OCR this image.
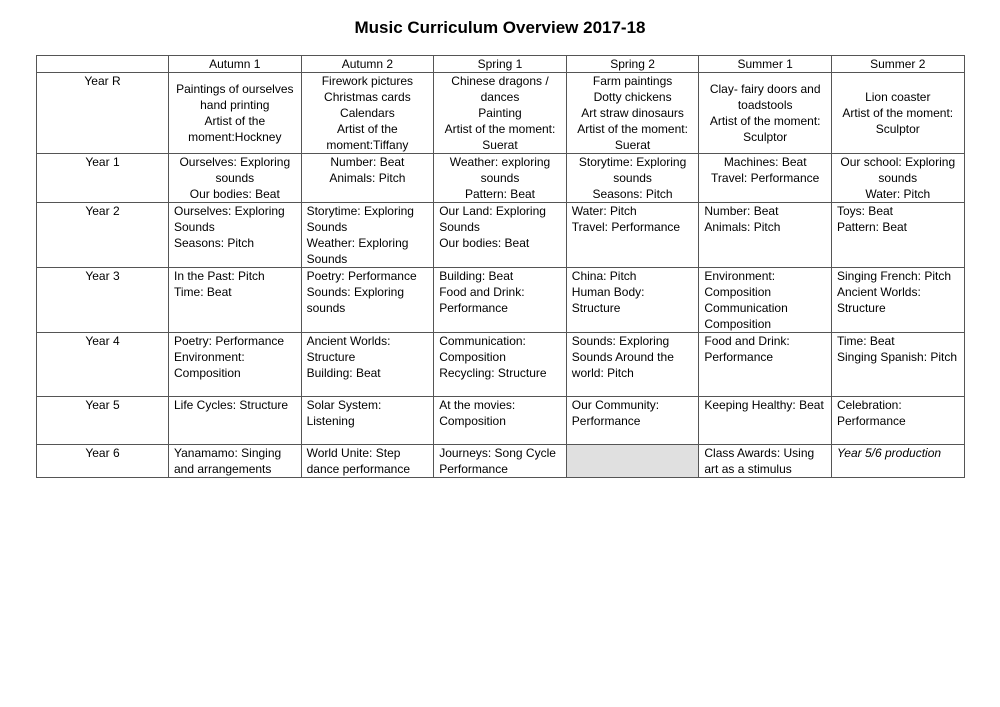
Music Curriculum Overview 2017-18
	Autumn 1	Autumn 2	Spring 1	Spring 2	Summer 1	Summer 2
Year R	Paintings of ourselves
hand printing
Artist of the
moment:Hockney	Firework pictures
Christmas cards
Calendars
Artist of the
moment:Tiffany	Chinese dragons /
dances
Painting
Artist of the moment:
Suerat	Farm paintings
Dotty chickens
Art straw dinosaurs
Artist of the moment:
Suerat	Clay- fairy doors and
toadstools
Artist of the moment:
Sculptor	Lion coaster
Artist of the moment:
Sculptor

Year 1	Ourselves: Exploring
sounds
Our bodies: Beat	Number: Beat
Animals: Pitch	Weather: exploring
sounds
Pattern: Beat	Storytime: Exploring
sounds
Seasons: Pitch	Machines: Beat
Travel: Performance	Our school: Exploring
sounds
Water: Pitch

Year 2	Ourselves: Exploring
Sounds
Seasons: Pitch	Storytime: Exploring
Sounds
Weather: Exploring
Sounds	Our Land: Exploring
Sounds
Our bodies: Beat	Water: Pitch
Travel: Performance	Number: Beat
Animals: Pitch	Toys: Beat
Pattern: Beat

Year 3	In the Past: Pitch
Time: Beat	Poetry: Performance
Sounds: Exploring
sounds	Building: Beat
Food and Drink:
Performance	China: Pitch
Human Body:
Structure	Environment:
Composition
Communication
Composition	Singing French: Pitch
Ancient Worlds:
Structure

Year 4	Poetry: Performance
Environment:
Composition	Ancient Worlds:
Structure
Building: Beat	Communication:
Composition
Recycling: Structure	Sounds: Exploring
Sounds Around the
world: Pitch	Food and Drink:
Performance	Time: Beat
Singing Spanish: Pitch

Year 5	Life Cycles: Structure	Solar System:
Listening	At the movies:
Composition	Our Community:
Performance	Keeping Healthy: Beat	Celebration:
Performance

Year 6	Yanamamo: Singing
and arrangements	World Unite: Step
dance performance	Journeys: Song Cycle
Performance		Class Awards: Using
art as a stimulus	Year 5/6 production
